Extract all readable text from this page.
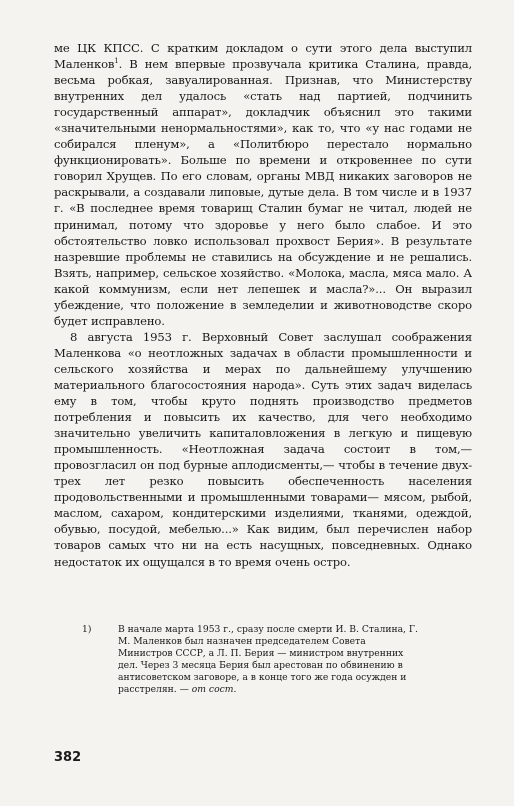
ме ЦК КПСС. С кратким докладом о сути этого дела выступил Маленков$^1$. В нем впервые прозвучала критика Сталина, правда, весьма робкая, завуалированная. Признав, что Министерству внутренних дел удалось «стать над партией, подчинить государственный аппарат», докладчик объяснил это такими «значительными ненормальностями», как то, что «у нас годами не собирался пленум», а «Политбюро перестало нормально функционировать». Больше по времени и откровеннее по сути говорил Хрущев. По его словам, органы МВД никаких заговоров не раскрывали, а создавали липовые, дутые дела. В том числе и в 1937 г. «В последнее время товарищ Сталин бумаг не читал, людей не принимал, потому что здоровье у него было слабое. И это обстоятельство ловко использовал прохвост Берия». В результате назревшие проблемы не ставились на обсуждение и не решались. Взять, например, сельское хозяйство. «Молока, масла, мяса мало. А какой коммунизм, если нет лепешек и масла?»... Он выразил убеждение, что положение в земледелии и животноводстве скоро будет исправлено.

8 августа 1953 г. Верховный Совет заслушал соображения Маленкова «о неотложных задачах в области промышленности и сельского хозяйства и мерах по дальнейшему улучшению материального благосостояния народа». Суть этих задач виделась ему в том, чтобы круто поднять производство предметов потребления и повысить их качество, для чего необходимо значительно увеличить капиталовложения в легкую и пищевую промышленность. «Неотложная задача состоит в том,— провозгласил он под бурные аплодисменты,— чтобы в течение двух-трех лет резко повысить обеспеченность населения продовольственными и промышленными товарами— мясом, рыбой, маслом, сахаром, кондитерскими изделиями, тканями, одеждой, обувью, посудой, мебелью...» Как видим, был перечислен набор товаров самых что ни на есть насущных, повседневных. Однако недостаток их ощущался в то время очень остро.

1)	В начале марта 1953 г., сразу после смерти И. В. Сталина, Г. М. Маленков был назначен председателем Совета Министров СССР, а Л. П. Берия — министром внутренних дел. Через 3 месяца Берия был арестован по обвинению в антисоветском заговоре, а в конце того же года осужден и расстрелян. — от сост.
382
